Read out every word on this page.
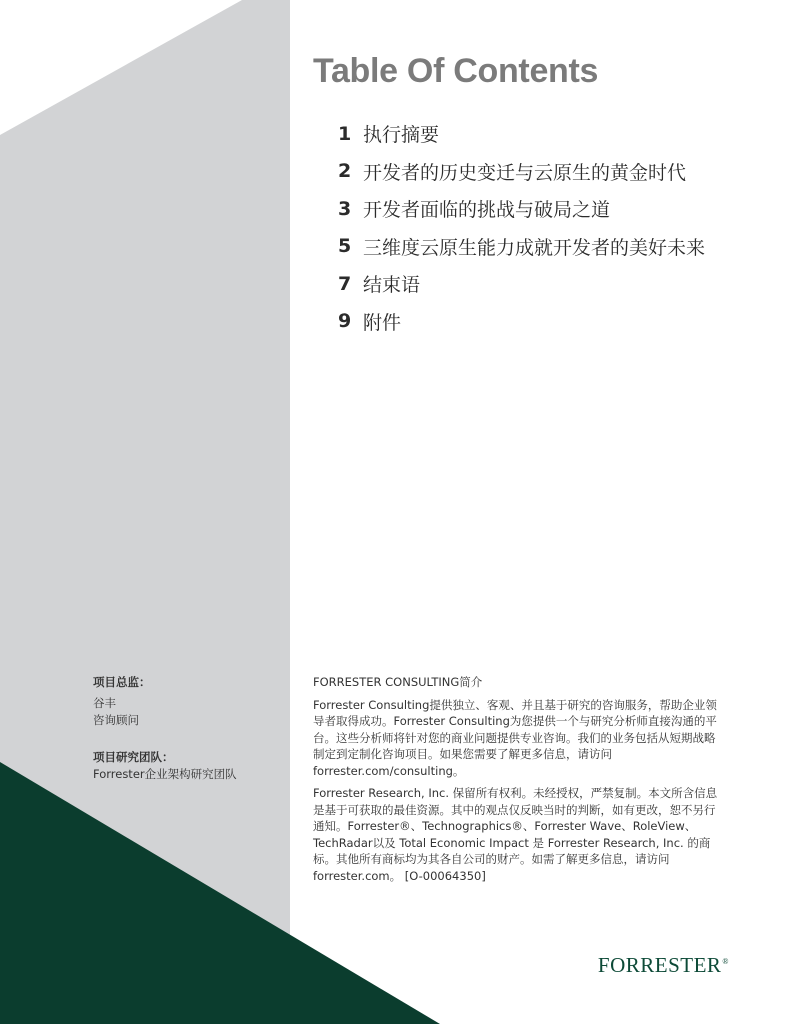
Table Of Contents
1 执行摘要
2 开发者的历史变迁与云原生的黄金时代
3 开发者面临的挑战与破局之道
5 三维度云原生能力成就开发者的美好未来
7 结束语
9 附件
项目总监：
谷丰
咨询顾问
项目研究团队：
Forrester企业架构研究团队
FORRESTER CONSULTING简介

Forrester Consulting提供独立、客观、并且基于研究的咨询服务，帮助企业领导者取得成功。Forrester Consulting为您提供一个与研究分析师直接沟通的平台。这些分析师将针对您的商业问题提供专业咨询。我们的业务包括从短期战略制定到定制化咨询项目。如果您需要了解更多信息，请访问forrester.com/consulting。

Forrester Research, Inc. 保留所有权利。未经授权，严禁复制。本文所含信息是基于可获取的最佳资源。其中的观点仅反映当时的判断，如有更改，恕不另行通知。Forrester®、Technographics®、Forrester Wave、RoleView、TechRadar以及 Total Economic Impact 是 Forrester Research, Inc. 的商标。其他所有商标均为其各自公司的财产。如需了解更多信息，请访问forrester.com。 [O-00064350]

FORRESTER®
